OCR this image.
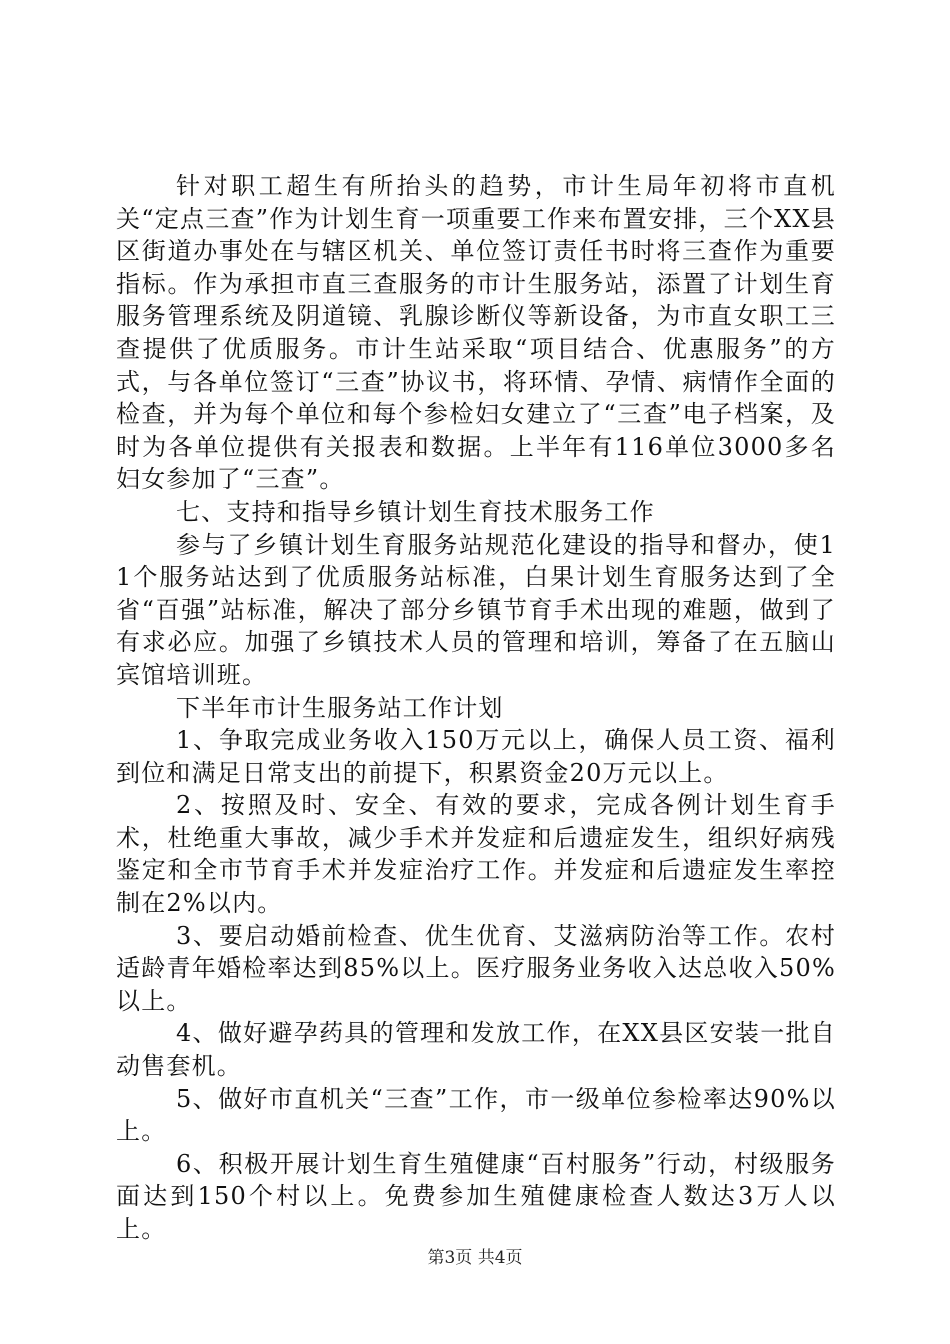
针对职工超生有所抬头的趋势，市计生局年初将市直机关“定点三查”作为计划生育一项重要工作来布置安排，三个XX县区街道办事处在与辖区机关、单位签订责任书时将三查作为重要指标。作为承担市直三查服务的市计生服务站，添置了计划生育服务管理系统及阴道镜、乳腺诊断仪等新设备，为市直女职工三查提供了优质服务。市计生站采取“项目结合、优惠服务”的方式，与各单位签订“三查”协议书，将环情、孕情、病情作全面的检查，并为每个单位和每个参检妇女建立了“三查”电子档案，及时为各单位提供有关报表和数据。上半年有116单位3000多名妇女参加了“三查”。

七、支持和指导乡镇计划生育技术服务工作

参与了乡镇计划生育服务站规范化建设的指导和督办，使11个服务站达到了优质服务站标准，白果计划生育服务达到了全省“百强”站标准，解决了部分乡镇节育手术出现的难题，做到了有求必应。加强了乡镇技术人员的管理和培训，筹备了在五脑山宾馆培训班。

下半年市计生服务站工作计划

1、争取完成业务收入150万元以上，确保人员工资、福利到位和满足日常支出的前提下，积累资金20万元以上。

2、按照及时、安全、有效的要求，完成各例计划生育手术，杜绝重大事故，减少手术并发症和后遗症发生，组织好病残鉴定和全市节育手术并发症治疗工作。并发症和后遗症发生率控制在2%以内。

3、要启动婚前检查、优生优育、艾滋病防治等工作。农村适龄青年婚检率达到85%以上。医疗服务业务收入达总收入50%以上。

4、做好避孕药具的管理和发放工作，在XX县区安装一批自动售套机。

5、做好市直机关“三查”工作，市一级单位参检率达90%以上。

6、积极开展计划生育生殖健康“百村服务”行动，村级服务面达到150个村以上。免费参加生殖健康检查人数达3万人以上。

第3页 共4页
